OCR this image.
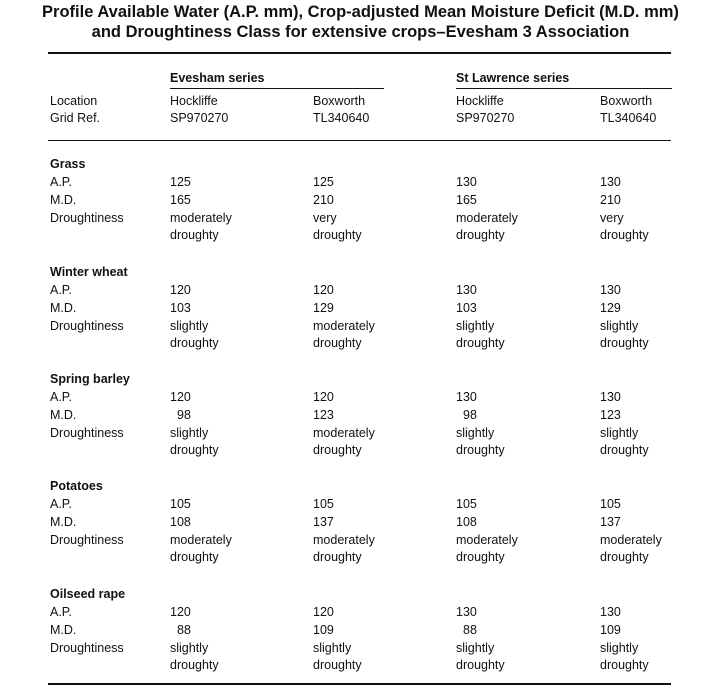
Profile Available Water (A.P. mm), Crop-adjusted Mean Moisture Deficit (M.D. mm)
and Droughtiness Class for extensive crops–Evesham 3 Association
Evesham series	St Lawrence series
Location
Grid Ref.
Hockliffe
SP970270
Boxworth
TL340640
Hockliffe
SP970270
Boxworth
TL340640
Grass
A.P.
M.D.
Droughtiness
125
165
moderately
droughty
125
210
very
droughty
130
165
moderately
droughty
130
210
very
droughty
Winter wheat
A.P.
M.D.
Droughtiness
120
103
slightly
droughty
120
129
moderately
droughty
130
103
slightly
droughty
130
129
slightly
droughty
Spring barley
A.P.
M.D.
Droughtiness
120
98
slightly
droughty
120
123
moderately
droughty
130
98
slightly
droughty
130
123
slightly
droughty
Potatoes
A.P.
M.D.
Droughtiness
105
108
moderately
droughty
105
137
moderately
droughty
105
108
moderately
droughty
105
137
moderately
droughty
Oilseed rape
A.P.
M.D.
Droughtiness
120
88
slightly
droughty
120
109
slightly
droughty
130
88
slightly
droughty
130
109
slightly
droughty
